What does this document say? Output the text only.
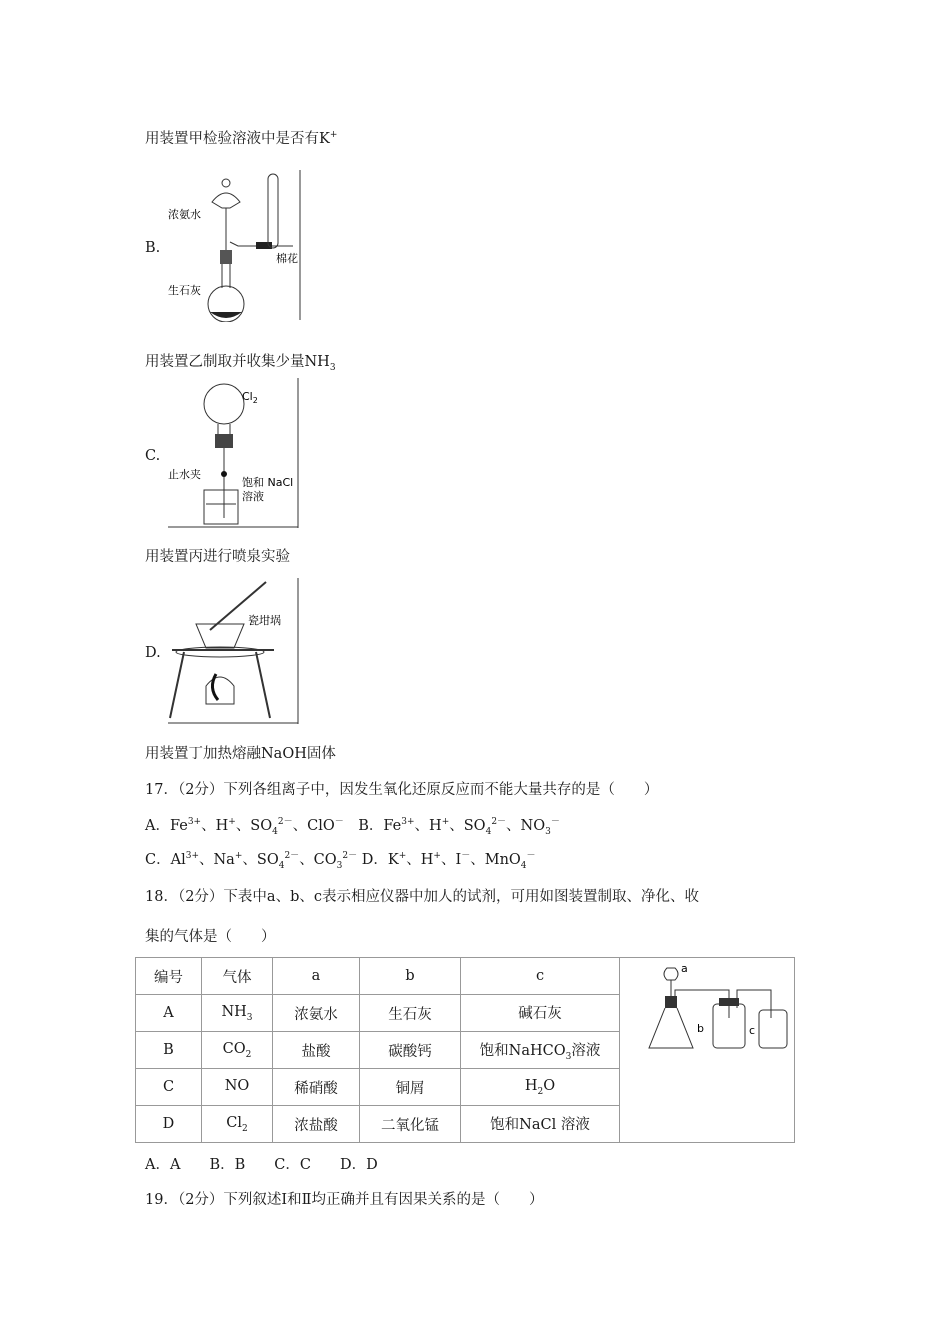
用装置甲检验溶液中是否有K+
B.
浓氨水
棉花
生石灰
用装置乙制取并收集少量$NH_3$
C.
$Cl_2$
止水夹
饱和 NaCl
溶液
用装置丙进行喷泉实验
D.
瓷坩埚
用装置丁加热熔融NaOH固体
17．（2分）下列各组离子中，因发生氧化还原反应而不能大量共存的是（　　）
A．$Fe^{3+}$、H+、$SO_4^{2-}$、ClO－　B．$Fe^{3+}$、H+、$SO_4^{2-}$、$NO_3^-$
C．$Al^{3+}$、Na+、$SO_4^{2-}$、$CO_3^{2-}$ D．K+、H+、I－、MnO$_4$－
18．（2分）下表中a、b、c表示相应仪器中加人的试剂，可用如图装置制取、净化、收
集的气体是（　　）
编号	气体	a	b	c	a
b c

A	$NH_3$	浓氨水	生石灰	碱石灰	
B	$CO_2$	盐酸	碳酸钙	饱和NaHCO$_3$溶液	
C	NO	稀硝酸	铜屑	$H_2O$	
D	$Cl_2$	浓盐酸	二氧化锰	饱和NaCl 溶液	
A．A　　B．B　　C．C　　D．D
19．（2分）下列叙述Ⅰ和Ⅱ均正确并且有因果关系的是（　　）
